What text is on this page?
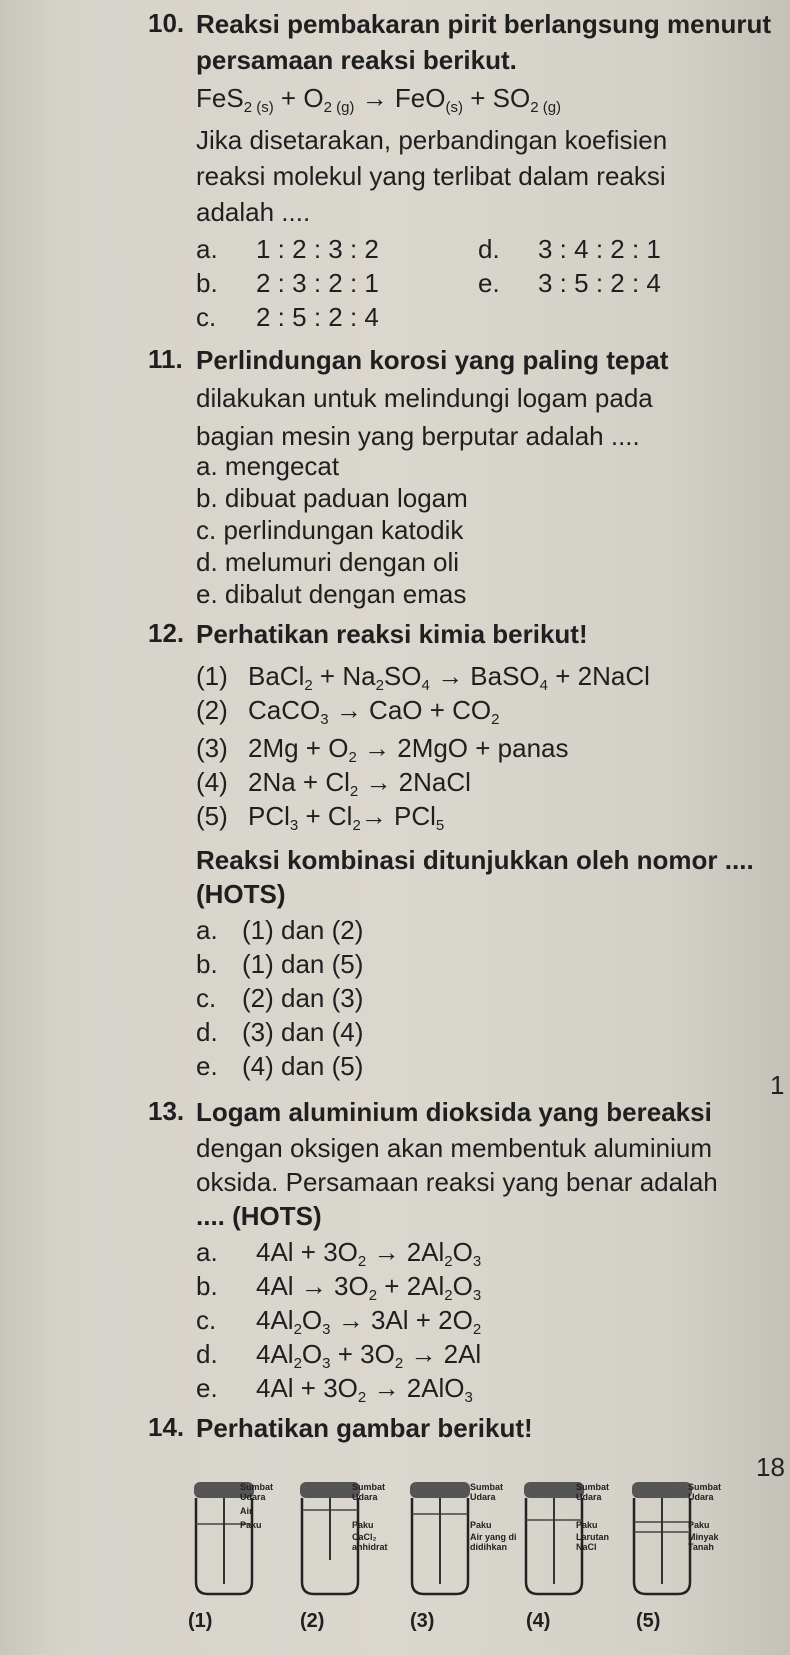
10. Reaksi pembakaran pirit berlangsung menurut
persamaan reaksi berikut.
$FeS_{2 (s)} + O_{2 (g)} \to FeO_{(s)} + SO_{2 (g)}$
Jika disetarakan, perbandingan koefisien
reaksi molekul yang terlibat dalam reaksi
adalah ....
a. 1 : 2 : 3 : 2
b. 2 : 3 : 2 : 1
c. 2 : 5 : 2 : 4
d. 3 : 4 : 2 : 1
e. 3 : 5 : 2 : 4
11. Perlindungan korosi yang paling tepat
dilakukan untuk melindungi logam pada
bagian mesin yang berputar adalah ....
a. mengecat
b. dibuat paduan logam
c. perlindungan katodik
d. melumuri dengan oli
e. dibalut dengan emas
12. Perhatikan reaksi kimia berikut!
(1) BaCl$_2$ + $Na_2SO_4$ → BaSO$_4$ + 2NaCl
(2) CaCO$_3$ → CaO + $CO_2$
(3) $2Mg + O_2 \to 2MgO$ + panas
(4) $2Na + Cl_2$ → 2NaCl
(5) $PCl_3 + Cl_2\to PCl_5$
Reaksi kombinasi ditunjukkan oleh nomor ....
(HOTS)
a. (1) dan (2)
b. (1) dan (5)
c. (2) dan (3)
d. (3) dan (4)
e. (4) dan (5)
1
13. Logam aluminium dioksida yang bereaksi
dengan oksigen akan membentuk aluminium
oksida. Persamaan reaksi yang benar adalah
.... (HOTS)
a. $4Al + 3O_2 \to 2Al_2O_3$
b. $4Al \to 3O_2 + 2Al_2O_3$
c. $4Al_2O_3 \to 3Al + 2O_2$
d. $4Al_2O_3 + 3O_2 \to 2Al$
e. $4Al + 3O_2 \to 2AlO_3$
14. Perhatikan gambar berikut!
18
Sumbat
Udara
Air
Paku
Sumbat
Udara
Paku
CaCl₂
anhidrat
Sumbat
Udara
Paku
Air yang di
didihkan
Sumbat
Udara
Paku
Larutan
NaCl
Sumbat
Udara
Paku
Minyak
Tanah
(1)	(2)	(3)	(4)	(5)
